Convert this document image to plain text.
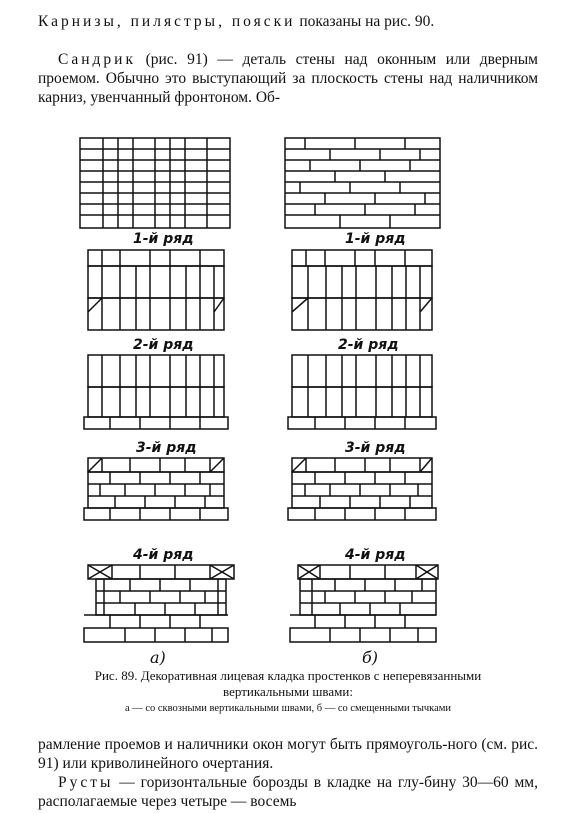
Карнизы, пилястры, пояски показаны на рис. 90.

Сандрик (рис. 91) — деталь стены над оконным или дверным проемом. Обычно это выступающий за плоскость стены над наличником карниз, увенчанный фронтоном. Об-

1-й ряд	1-й ряд
2-й ряд	2-й ряд
3-й ряд	3-й ряд
4-й ряд	4-й ряд
а)	б)

Рис. 89. Декоративная лицевая кладка простенков с неперевязанными

вертикальными швами:

а — со сквозными вертикальными швами, б — со смещенными тычками

рамление проемов и наличники окон могут быть прямоуголь-ного (см. рис. 91) или криволинейного очертания.

Русты — горизонтальные борозды в кладке на глу-бину 30—60 мм, располагаемые через четыре — восемь
